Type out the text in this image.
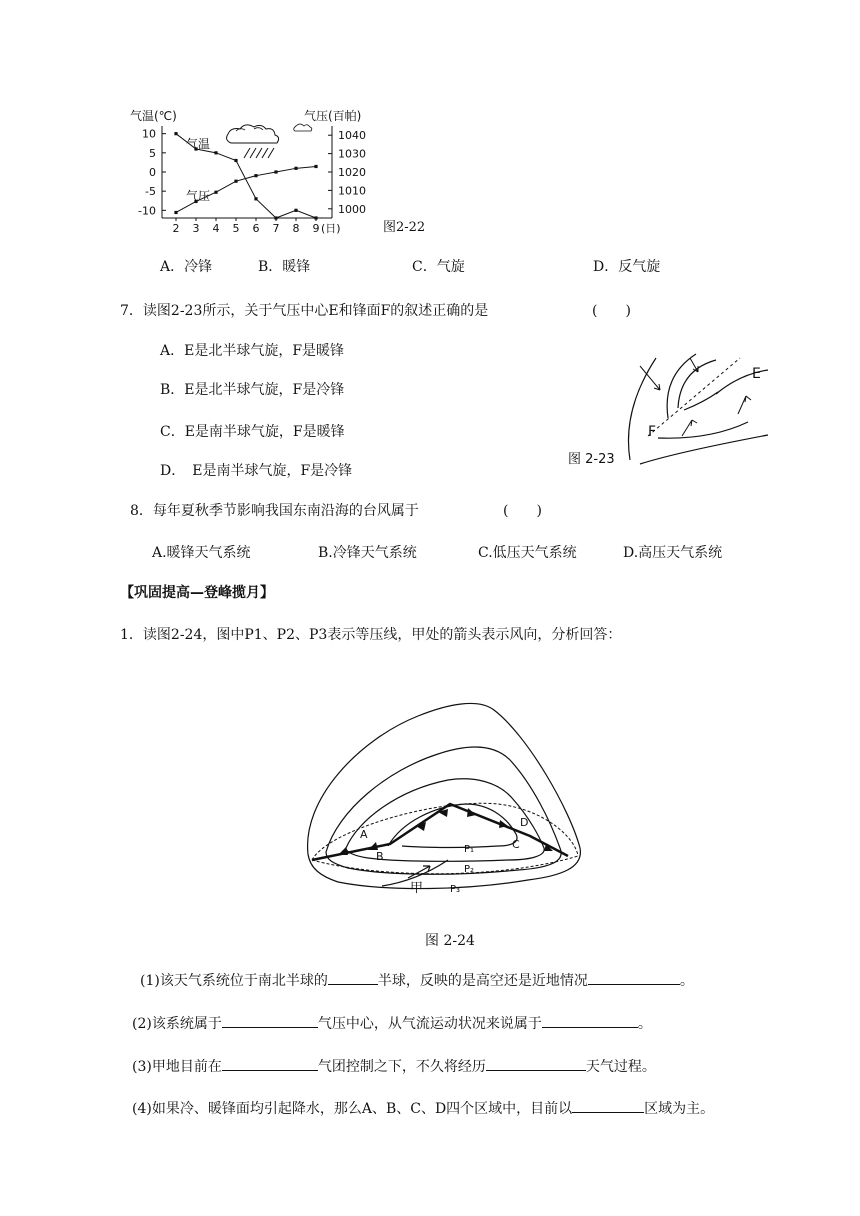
气温(℃)	气压(百帕)
10
5
0
-5
-10
1040
1030
1020
1010
1000
2 3 4 5 6 7 8 9 (日)
气温
气压
图2-22
A．冷锋	B．暖锋	C．气旋	D．反气旋
7．读图2-23所示，关于气压中心E和锋面F的叙述正确的是	(　　)
A．E是北半球气旋，F是暖锋
B．E是北半球气旋，F是冷锋
C．E是南半球气旋，F是暖锋
D．　E是南半球气旋，F是冷锋
E
F
图 2-23
8．每年夏秋季节影响我国东南沿海的台风属于	(　　)
A.暖锋天气系统	B.冷锋天气系统	C.低压天气系统	D.高压天气系统
【巩固提高—登峰揽月】
1．读图2-24，图中P1、P2、P3表示等压线，甲处的箭头表示风向，分析回答：
A
B
C
D
P₁
P₂
P₃
甲
图 2-24
(1)该天气系统位于南北半球的	半球，反映的是高空还是近地情况	。
(2)该系统属于	气压中心，从气流运动状况来说属于	。
(3)甲地目前在	气团控制之下，不久将经历	天气过程。
(4)如果冷、暖锋面均引起降水，那么A、B、C、D四个区域中，目前以	区域为主。
